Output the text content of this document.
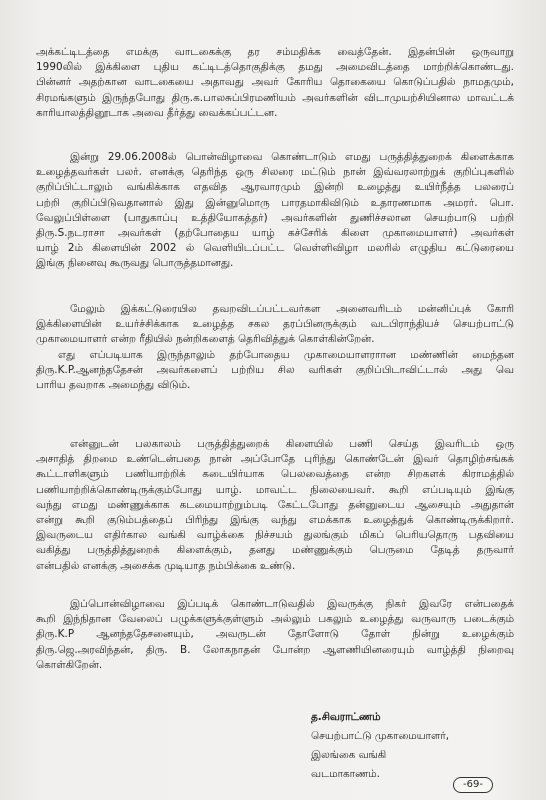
அக்கட்டிடத்தை எமக்கு வாடகைக்கு தர சம்மதிக்க வைத்தேன். இதன்பின் ஒருவாறு
1990லில் இக்கிளை புதிய கட்டிடத்தொகுதிக்கு தமது அமைவிடத்தை மாற்றிக்கொண்டது.
பின்னர் அதற்கான வாடகையை அதாவது அவர் கோரிய தொகையை கொடுப்பதில் நாமதமும்,
சிரமங்களும் இருந்தபோது திரு.க.பாலசுப்பிரமணியம் அவர்களின் விடாமுயற்சியினால மாவட்டக்
காரியாலத்தினூடாக அவை தீர்த்து வைக்கப்பட்டன.
இன்று 29.06.2008ல் பொன்விழாவை கொண்டாடும் எமது பருத்தித்துறைக் கிளைக்காக
உழைத்தவர்கள் பலர். எனக்கு தெரிந்த ஒரு சிலரை மட்டும் நான் இவ்வரலாற்றுக் குறிப்புகளில்
குறிப்பிட்டாலும் வங்கிக்காக எதவித ஆரவாரமும் இன்றி உழைத்து உயிர்நீத்த பலரைப்
பற்றி குறிப்பிடுவதானால் இது இன்னுமொரு பாரதமாகிவிடும் உதாரணமாக அமரர். பொ.
வேலுப்பிள்ளை (பாதுகாப்பு உத்தியோகத்தர்) அவர்களின் துணிச்சலான செயற்பாடு பற்றி
திரு.S.நடராசா அவர்கள் (தற்போதைய யாழ் கச்சேரிக் கிளை முகாமையாளர்) அவர்கள்
யாழ் 2ம் கிளையின் 2002 ல் வெளியிடப்பட்ட வெள்ளிவிழா மலரில் எழுதிய கட்டுரையை
இங்கு நினைவு கூருவது பொருத்தமானது.
மேலும் இக்கட்டுரையில தவறவிடப்பட்டவர்கள அனைவரிடம் மன்னிப்புக் கோரி
இக்கிளையின் உயர்ச்சிக்காக உழைத்த சகல தரப்பினருக்கும் வடபிராந்தியச் செயற்பாட்டு
முகாமையாளர் என்ற ரீதியில் நன்றிகளைத் தெரிவித்துக் கொள்கின்றேன்.
எது எப்படியாக இருந்தாலும் தற்போதைய முகாமையாளராான மண்ணின் மைந்தன
திரு.K.P.ஆனந்ததேசன் அவர்களைப் பற்றிய சில வரிகள் குறிப்பிடாவிட்டால் அது வெ
பாரிய தவறாக அமைந்து விடும்.
என்னுடன் பலகாலம் பருத்தித்துறைக் கிளையில் பணி செய்த இவரிடம் ஒரு
அசாதித் திறமை உண்டென்பதை நான் அப்போதே புரிந்து கொண்டேன் இவர் தொழிற்சங்கக்
கூட்டாளிகளும் பணியாற்றிக் கடையிர்யாக பெலவைத்தை என்ற சிறகளக் கிராமத்தில்
பணியாற்றிக்கொண்டிருக்கும்போது யாழ். மாவட்ட நிலையைவர். கூறி எப்படியும் இங்கு
வந்து எமது மண்ணுக்காக கடமையாற்றும்படி கேட்டபோது தன்னுடைய ஆசையும் அதுதான்
என்று கூறி குடும்பத்தைப் பிரிந்து இங்கு வந்து எமக்காக உழைத்துக் கொண்டிருக்கிறார்.
இவருடைய எதிர்கால வங்கி வாழ்க்கை நிச்சயம் துலங்கும் மிகப் பெரியதொரு பதவியை
வகித்து பருத்தித்துறைக் கிளைக்கும், தனது மண்ணுக்கும் பெருமை தேடித் தருவார்
என்பதில் எனக்கு அசைக்க முடியாத நம்பிக்கை உண்டு.
இப்பொன்விழாவை இப்படிக் கொண்டாடுவதில் இவருக்கு நிகர் இவரே என்பதைக்
கூறி இந்நிதான வேலைப் பழுக்களுக்குள்ளும் அல்லும் பகலும் உழைத்து வருவாரு படைக்கும்
திரு.K.P ஆனந்ததேசனையும், அவருடன் தோளோடு தோள் நின்று உழைக்கும்
திரு.ஜெ.அரவிந்தன், திரு. B. லோகநாதன் போன்ற ஆளணியினரையும் வாழ்த்தி நிறைவு
கொள்கிறேன்.
த.சிவராட்ணம்
செயற்பாட்டு முகாமையாளர்,
இலங்கை வங்கி
வடமாகாணம்.
-69-
